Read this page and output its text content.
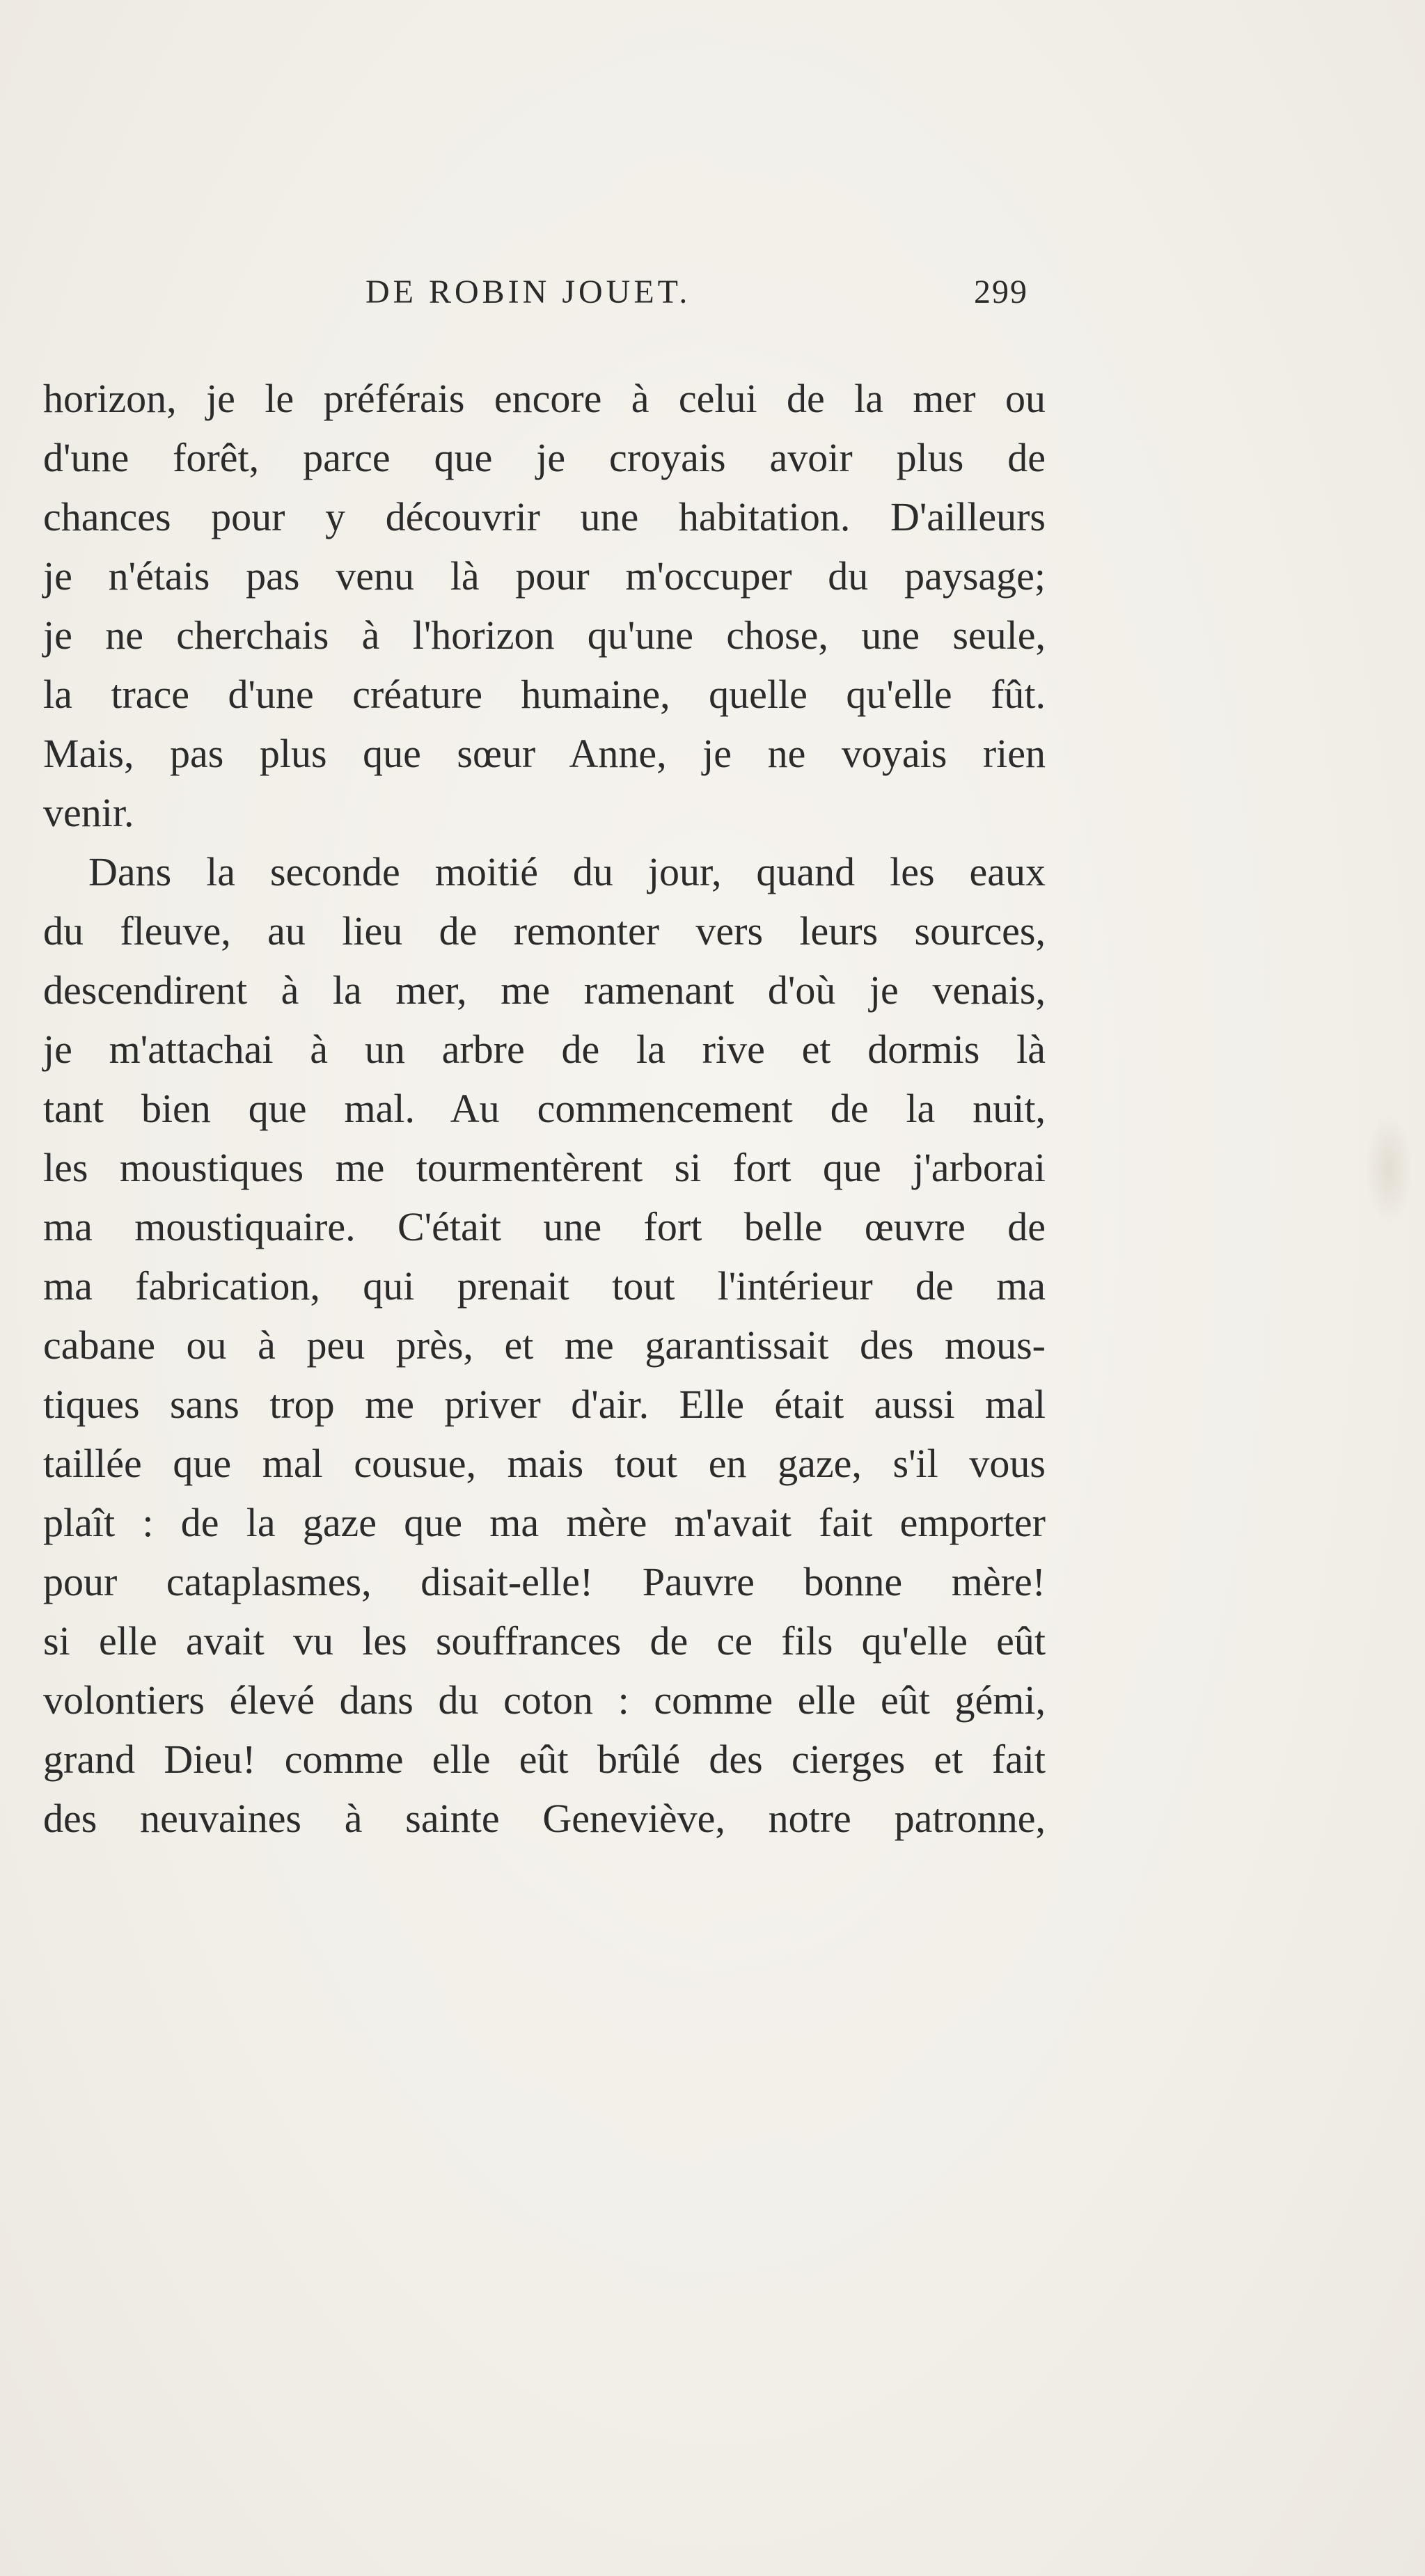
DE ROBIN JOUET.	299
horizon, je le préférais encore à celui de la mer ou
d'une forêt, parce que je croyais avoir plus de
chances pour y découvrir une habitation. D'ailleurs
je n'étais pas venu là pour m'occuper du paysage;
je ne cherchais à l'horizon qu'une chose, une seule,
la trace d'une créature humaine, quelle qu'elle fût.
Mais, pas plus que sœur Anne, je ne voyais rien
venir.
Dans la seconde moitié du jour, quand les eaux
du fleuve, au lieu de remonter vers leurs sources,
descendirent à la mer, me ramenant d'où je venais,
je m'attachai à un arbre de la rive et dormis là
tant bien que mal. Au commencement de la nuit,
les moustiques me tourmentèrent si fort que j'arborai
ma moustiquaire. C'était une fort belle œuvre de
ma fabrication, qui prenait tout l'intérieur de ma
cabane ou à peu près, et me garantissait des mous-
tiques sans trop me priver d'air. Elle était aussi mal
taillée que mal cousue, mais tout en gaze, s'il vous
plaît : de la gaze que ma mère m'avait fait emporter
pour cataplasmes, disait-elle! Pauvre bonne mère!
si elle avait vu les souffrances de ce fils qu'elle eût
volontiers élevé dans du coton : comme elle eût gémi,
grand Dieu! comme elle eût brûlé des cierges et fait
des neuvaines à sainte Geneviève, notre patronne,
